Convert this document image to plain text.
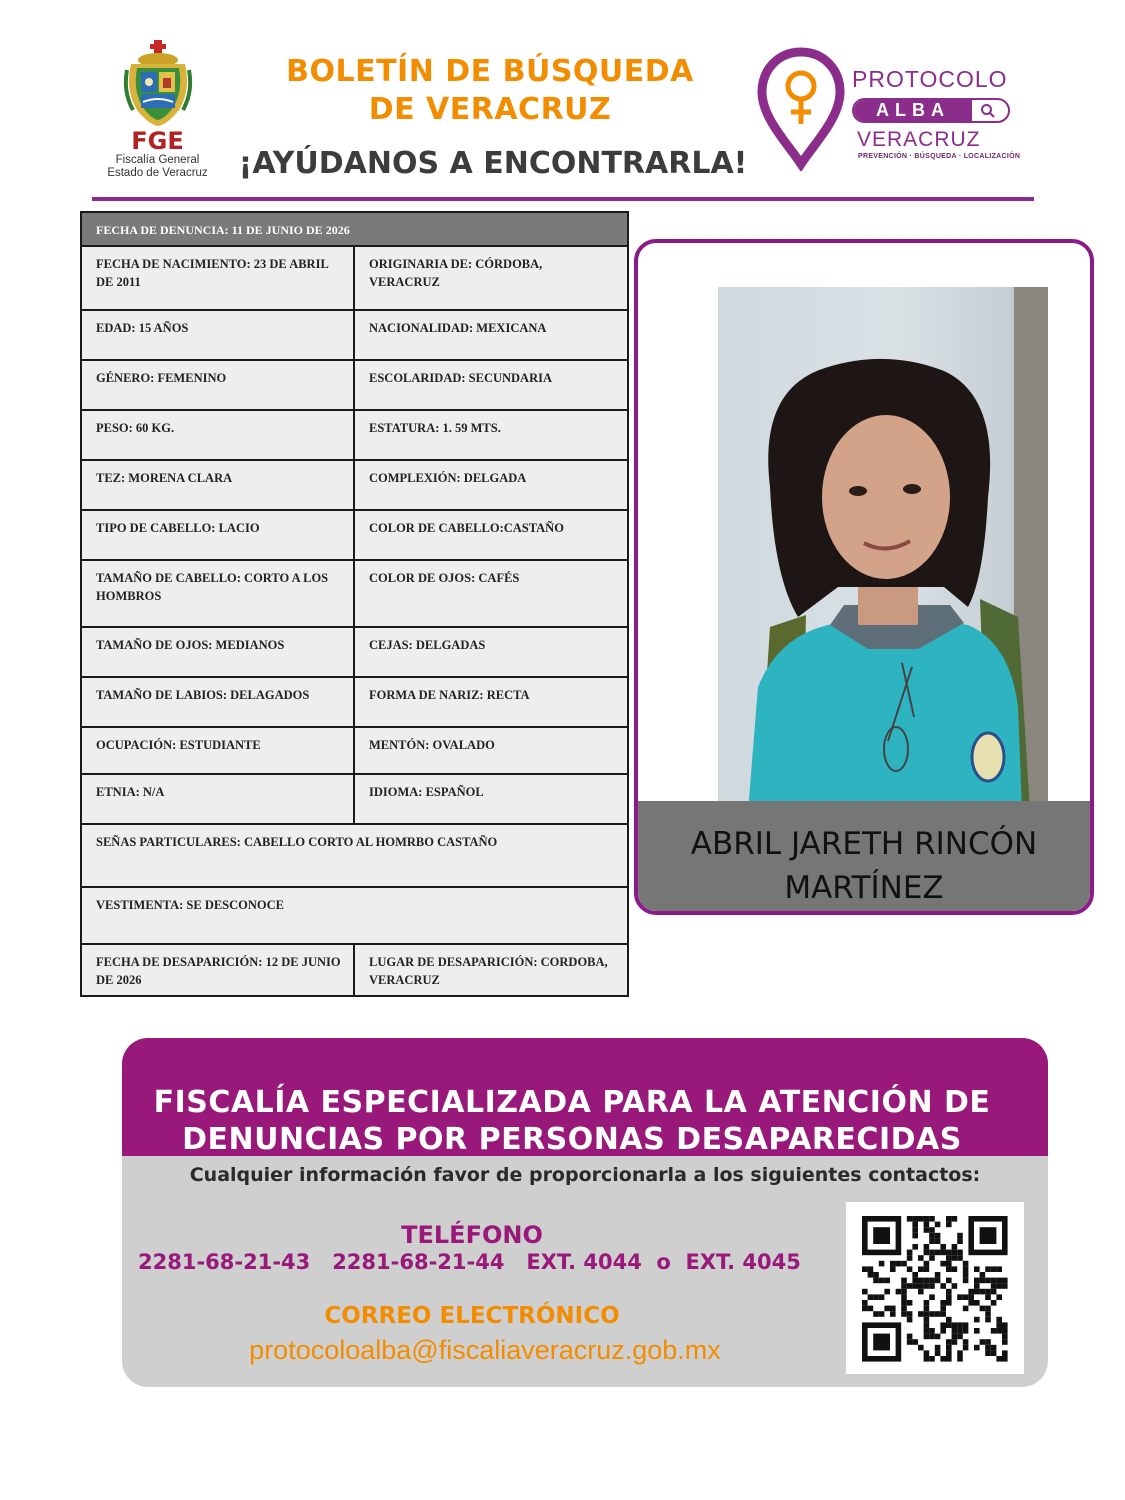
FGE
Fiscalía General
Estado de Veracruz
BOLETÍN DE BÚSQUEDA
DE VERACRUZ
¡AYÚDANOS A ENCONTRARLA!
PROTOCOLO
ALBA
VERACRUZ
PREVENCIÓN · BÚSQUEDA · LOCALIZACIÓN
FECHA DE DENUNCIA: 11 DE JUNIO DE 2026	
FECHA DE NACIMIENTO: 23 DE ABRIL DE 2011	ORIGINARIA DE: CÓRDOBA, VERACRUZ
EDAD: 15 AÑOS	NACIONALIDAD: MEXICANA
GÉNERO: FEMENINO	ESCOLARIDAD: SECUNDARIA
PESO: 60 KG.	ESTATURA: 1. 59 MTS.
TEZ: MORENA CLARA	COMPLEXIÓN: DELGADA
TIPO DE CABELLO: LACIO	COLOR DE CABELLO:CASTAÑO
TAMAÑO DE CABELLO: CORTO A LOS HOMBROS	COLOR DE OJOS: CAFÉS
TAMAÑO DE OJOS: MEDIANOS	CEJAS: DELGADAS
TAMAÑO DE LABIOS: DELAGADOS	FORMA DE NARIZ: RECTA
OCUPACIÓN: ESTUDIANTE	MENTÓN: OVALADO
ETNIA: N/A	IDIOMA: ESPAÑOL
SEÑAS PARTICULARES: CABELLO CORTO AL HOMRBO CASTAÑO	
VESTIMENTA: SE DESCONOCE	
FECHA DE DESAPARICIÓN: 12 DE JUNIO DE 2026	LUGAR DE DESAPARICIÓN: CORDOBA, VERACRUZ
ABRIL JARETH RINCÓN
MARTÍNEZ
FISCALÍA ESPECIALIZADA PARA LA ATENCIÓN DE
DENUNCIAS POR PERSONAS DESAPARECIDAS
Cualquier información favor de proporcionarla a los siguientes contactos:
TELÉFONO
2281-68-21-43   2281-68-21-44   EXT. 4044  o  EXT. 4045
CORREO ELECTRÓNICO
protocoloalba@fiscaliaveracruz.gob.mx
